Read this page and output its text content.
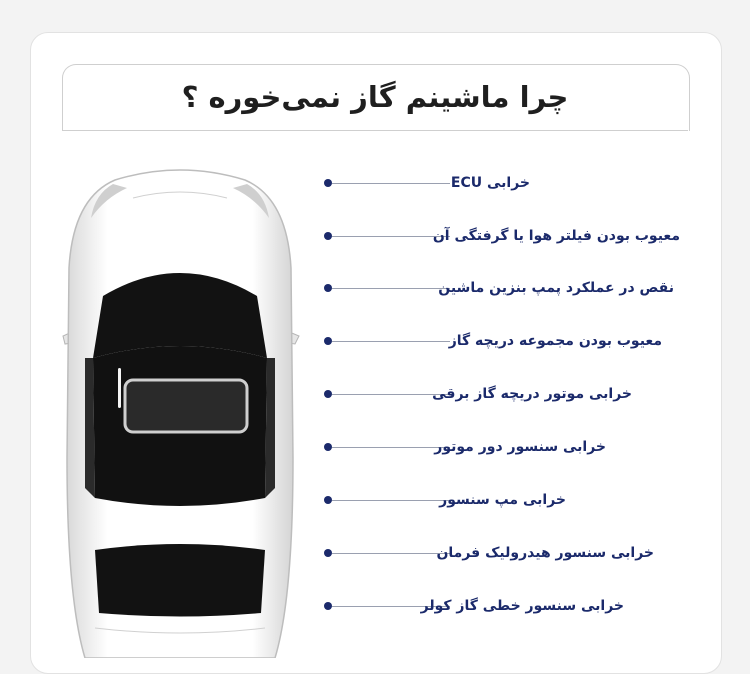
چرا ماشینم گاز نمی‌خوره ؟
خرابی ECU
معیوب بودن فیلتر هوا یا گرفتگی آن
نقص در عملکرد پمپ بنزین ماشین
معیوب بودن مجموعه دریچه گاز
خرابی موتور دریچه گاز برقی
خرابی سنسور دور موتور
خرابی مپ سنسور
خرابی سنسور هیدرولیک فرمان
خرابی سنسور خطی گاز کولر
